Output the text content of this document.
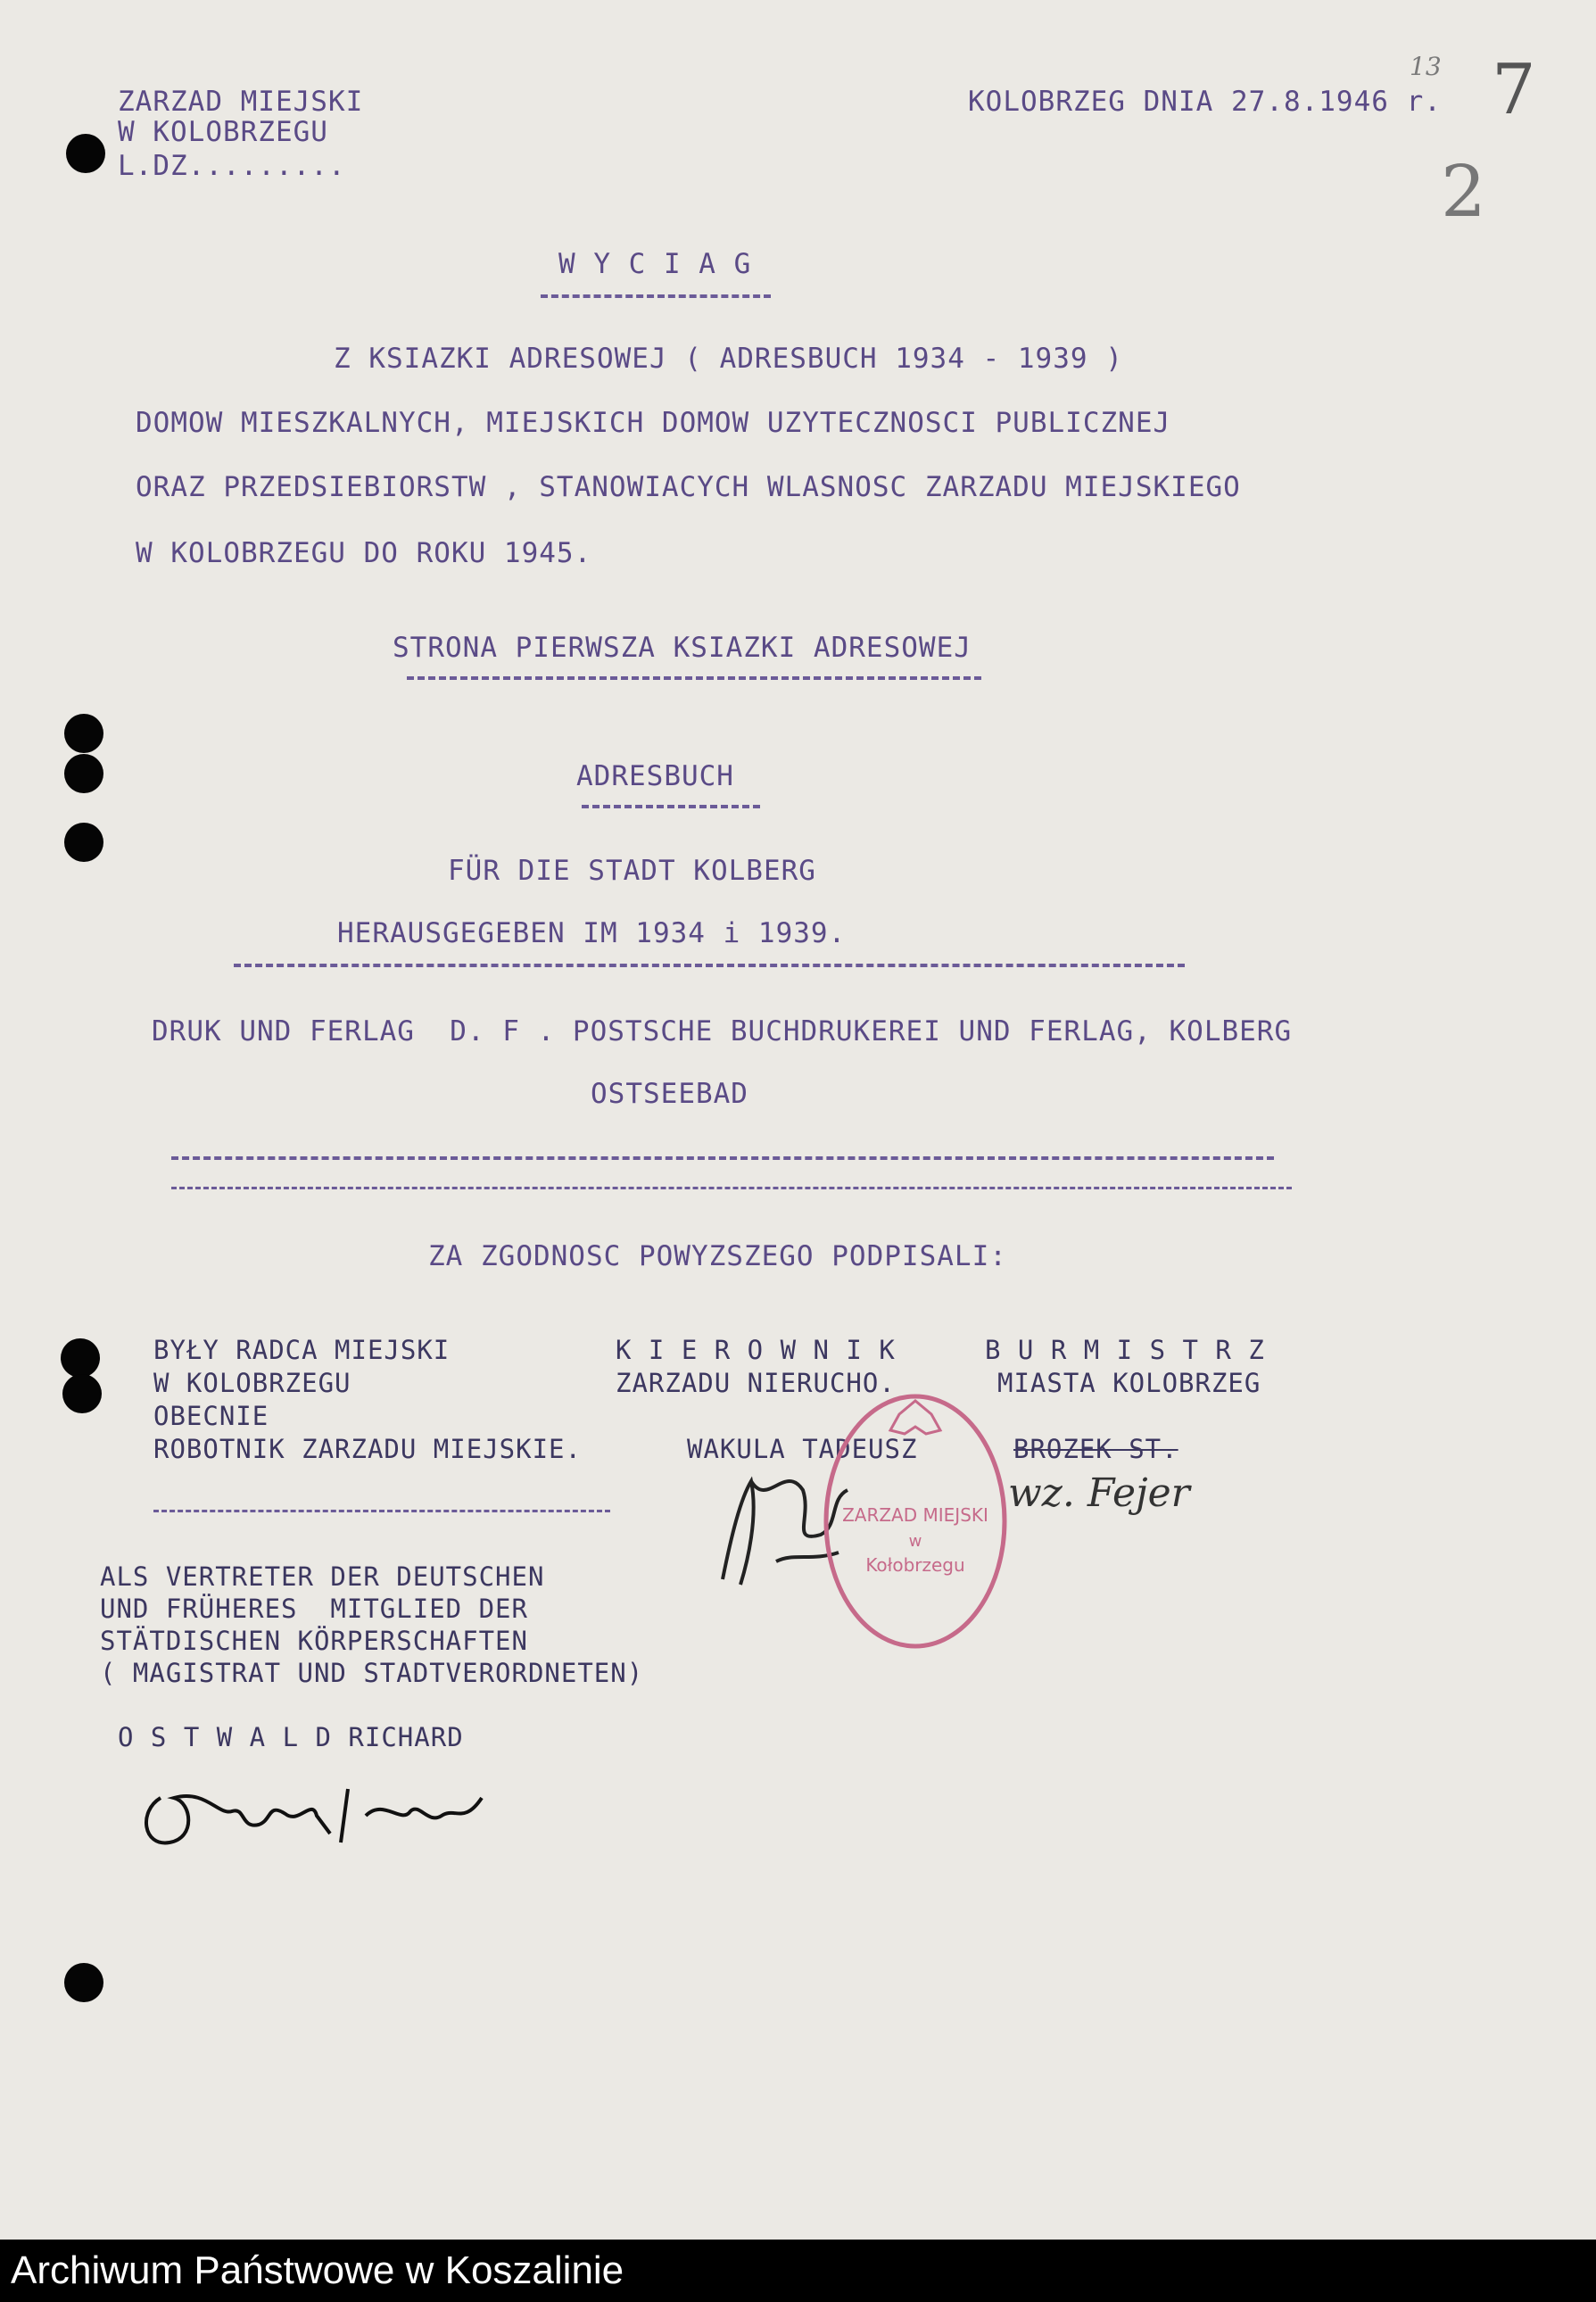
ZARZAD MIEJSKI
W KOLOBRZEGU
L.DZ.........
KOLOBRZEG DNIA 27.8.1946 r.
13 7
2
W Y C I A G
Z KSIAZKI ADRESOWEJ ( ADRESBUCH 1934 - 1939 )
DOMOW MIESZKALNYCH, MIEJSKICH DOMOW UZYTECZNOSCI PUBLICZNEJ
ORAZ PRZEDSIEBIORSTW , STANOWIACYCH WLASNOSC ZARZADU MIEJSKIEGO
W KOLOBRZEGU DO ROKU 1945.
STRONA PIERWSZA KSIAZKI ADRESOWEJ
ADRESBUCH
FÜR DIE STADT KOLBERG
HERAUSGEGEBEN IM 1934 i 1939.
DRUK UND FERLAG  D. F . POSTSCHE BUCHDRUKEREI UND FERLAG, KOLBERG
OSTSEEBAD
ZA ZGODNOSC POWYZSZEGO PODPISALI:
BYŁY RADCA MIEJSKI
W KOLOBRZEGU
OBECNIE
ROBOTNIK ZARZADU MIEJSKIE.
K I E R O W N I K
ZARZADU NIERUCHO.
WAKULA TADEUSZ
B U R M I S T R Z
MIASTA KOLOBRZEG
BROZEK ST.
wz. Fejer
ZARZAD MIEJSKI
w
Kołobrzegu
ALS VERTRETER DER DEUTSCHEN
UND FRÜHERES  MITGLIED DER
STÄTDISCHEN KÖRPERSCHAFTEN
( MAGISTRAT UND STADTVERORDNETEN)
O S T W A L D RICHARD
Archiwum Państwowe w Koszalinie
